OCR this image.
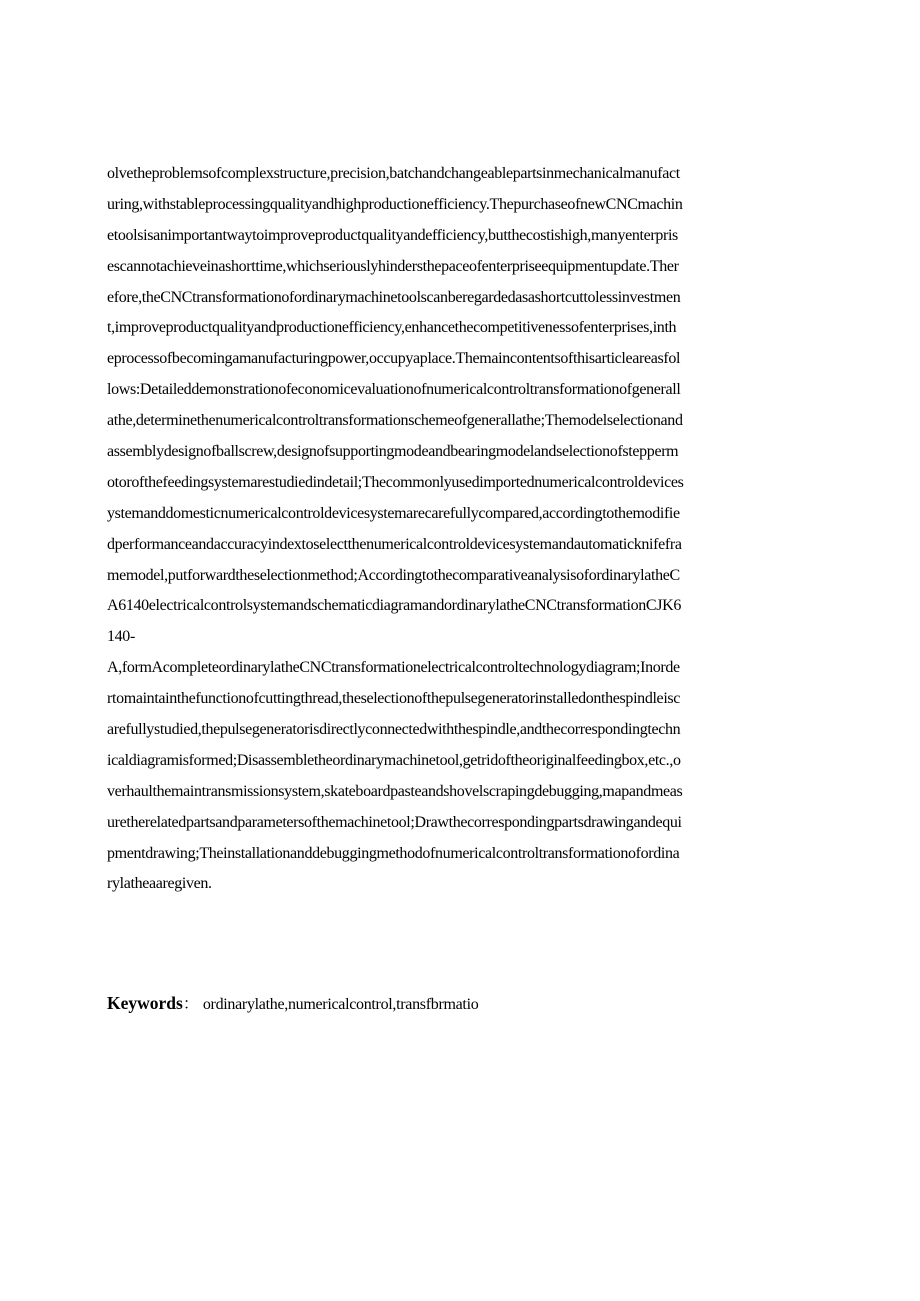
olvetheproblemsofcomplexstructure,precision,batchandchangeablepartsinmechanicalmanufact
uring,withstableprocessingqualityandhighproductionefficiency.ThepurchaseofnewCNCmachin
etoolsisanimportantwaytoimproveproductqualityandefficiency,butthecostishigh,manyenterpris
escannotachieveinashorttime,whichseriouslyhindersthepaceofenterpriseequipmentupdate.Ther
efore,theCNCtransformationofordinarymachinetoolscanberegardedasashortcuttolessinvestmen
t,improveproductqualityandproductionefficiency,enhancethecompetitivenessofenterprises,inth
eprocessofbecomingamanufacturingpower,occupyaplace.Themaincontentsofthisarticleareasfol
lows:Detaileddemonstrationofeconomicevaluationofnumericalcontroltransformationofgenerall
athe,determinethenumericalcontroltransformationschemeofgenerallathe;Themodelselectionand
assemblydesignofballscrew,designofsupportingmodeandbearingmodelandselectionofstepperm
otorofthefeedingsystemarestudiedindetail;Thecommonlyusedimportednumericalcontroldevices
ystemanddomesticnumericalcontroldevicesystemarecarefullycompared,accordingtothemodifie
dperformanceandaccuracyindextoselectthenumericalcontroldevicesystemandautomaticknifefra
memodel,putforwardtheselectionmethod;AccordingtothecomparativeanalysisofordinarylatheC
A6140electricalcontrolsystemandschematicdiagramandordinarylatheCNCtransformationCJK6
140-
A,formAcompleteordinarylatheCNCtransformationelectricalcontroltechnologydiagram;Inorde
rtomaintainthefunctionofcuttingthread,theselectionofthepulsegeneratorinstalledonthespindleisc
arefullystudied,thepulsegeneratorisdirectlyconnectedwiththespindle,andthecorrespondingtechn
icaldiagramisformed;Disassembletheordinarymachinetool,getridoftheoriginalfeedingbox,etc.,o
verhaulthemaintransmissionsystem,skateboardpasteandshovelscrapingdebugging,mapandmeas
uretherelatedpartsandparametersofthemachinetool;Drawthecorrespondingpartsdrawingandequi
pmentdrawing;Theinstallationanddebuggingmethodofnumericalcontroltransformationofordina
rylatheaaregiven.
Keywords： ordinarylathe,numericalcontrol,transfbrmatio
